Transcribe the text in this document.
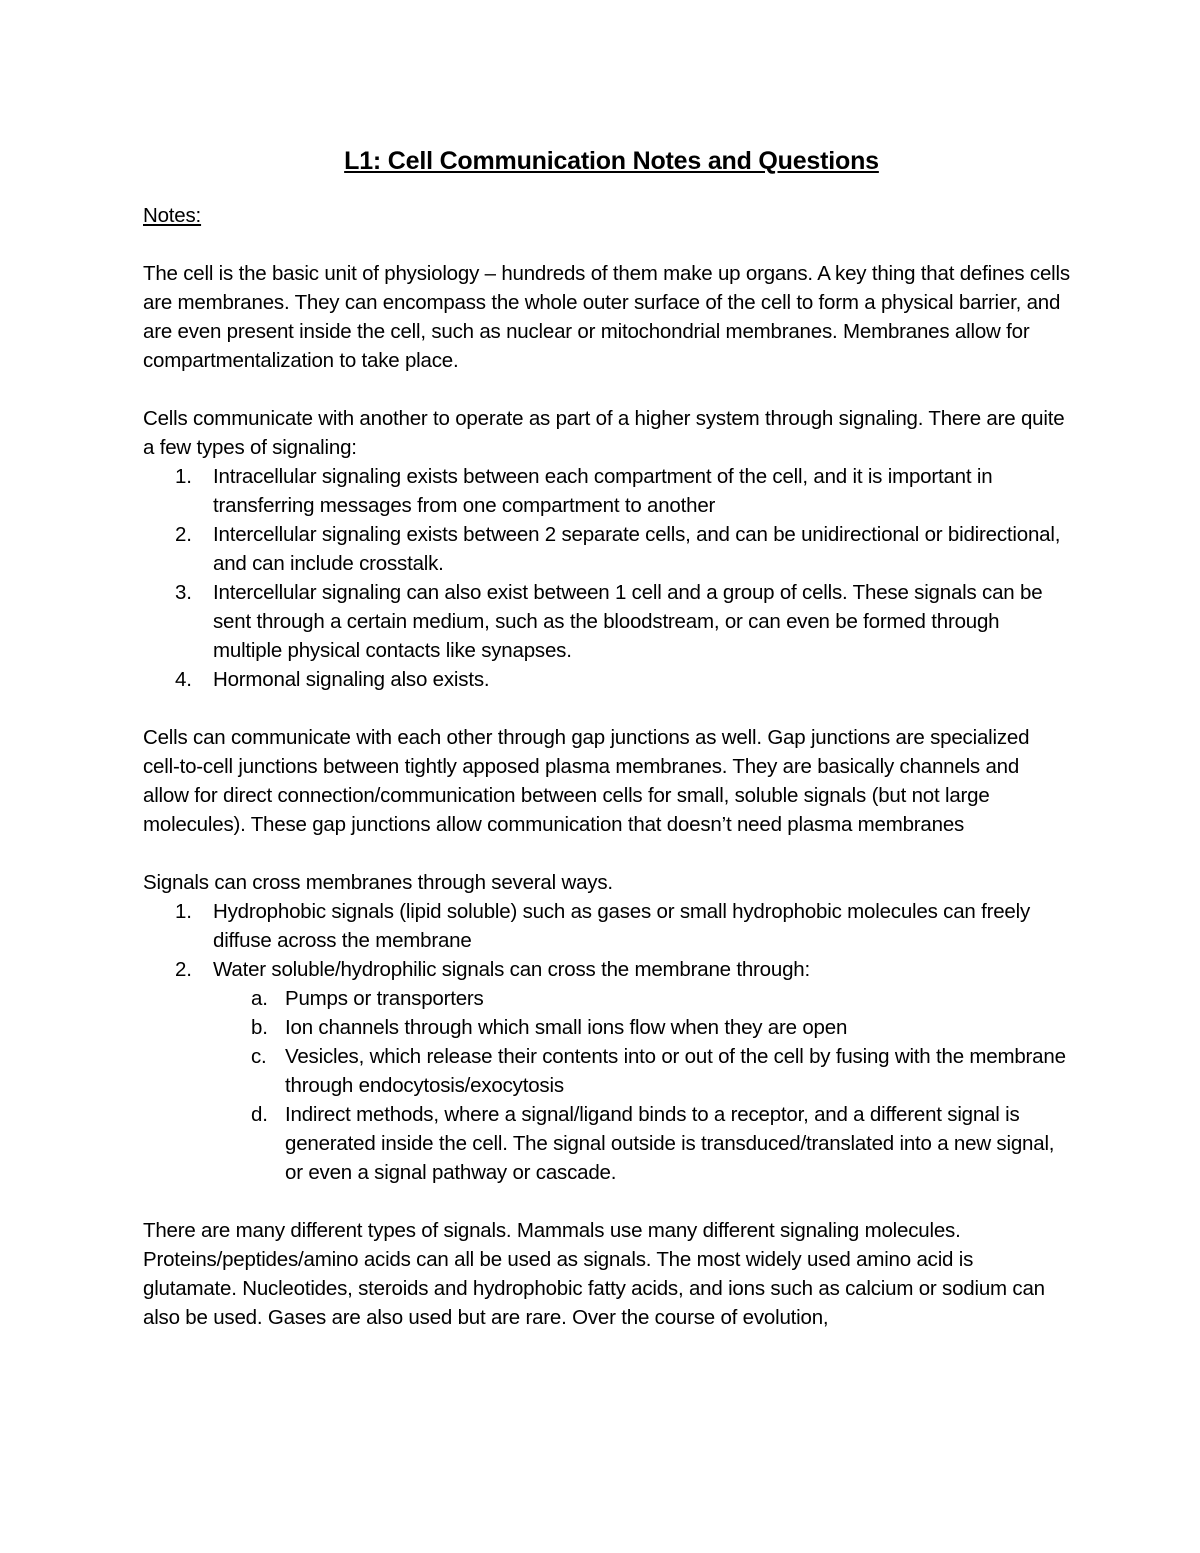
L1: Cell Communication Notes and Questions
Notes:

The cell is the basic unit of physiology – hundreds of them make up organs. A key thing that defines cells are membranes. They can encompass the whole outer surface of the cell to form a physical barrier, and are even present inside the cell, such as nuclear or mitochondrial membranes. Membranes allow for compartmentalization to take place.

Cells communicate with another to operate as part of a higher system through signaling. There are quite a few types of signaling:

1. Intracellular signaling exists between each compartment of the cell, and it is important in transferring messages from one compartment to another
2. Intercellular signaling exists between 2 separate cells, and can be unidirectional or bidirectional, and can include crosstalk.
3. Intercellular signaling can also exist between 1 cell and a group of cells. These signals can be sent through a certain medium, such as the bloodstream, or can even be formed through multiple physical contacts like synapses.
4. Hormonal signaling also exists.

Cells can communicate with each other through gap junctions as well. Gap junctions are specialized cell-to-cell junctions between tightly apposed plasma membranes. They are basically channels and allow for direct connection/communication between cells for small, soluble signals (but not large molecules). These gap junctions allow communication that doesn’t need plasma membranes

Signals can cross membranes through several ways.

1. Hydrophobic signals (lipid soluble) such as gases or small hydrophobic molecules can freely diffuse across the membrane
2. Water soluble/hydrophilic signals can cross the membrane through:
a. Pumps or transporters
b. Ion channels through which small ions flow when they are open
c. Vesicles, which release their contents into or out of the cell by fusing with the membrane through endocytosis/exocytosis
d. Indirect methods, where a signal/ligand binds to a receptor, and a different signal is generated inside the cell. The signal outside is transduced/translated into a new signal, or even a signal pathway or cascade.

There are many different types of signals. Mammals use many different signaling molecules. Proteins/peptides/amino acids can all be used as signals. The most widely used amino acid is glutamate. Nucleotides, steroids and hydrophobic fatty acids, and ions such as calcium or sodium can also be used. Gases are also used but are rare. Over the course of evolution,
